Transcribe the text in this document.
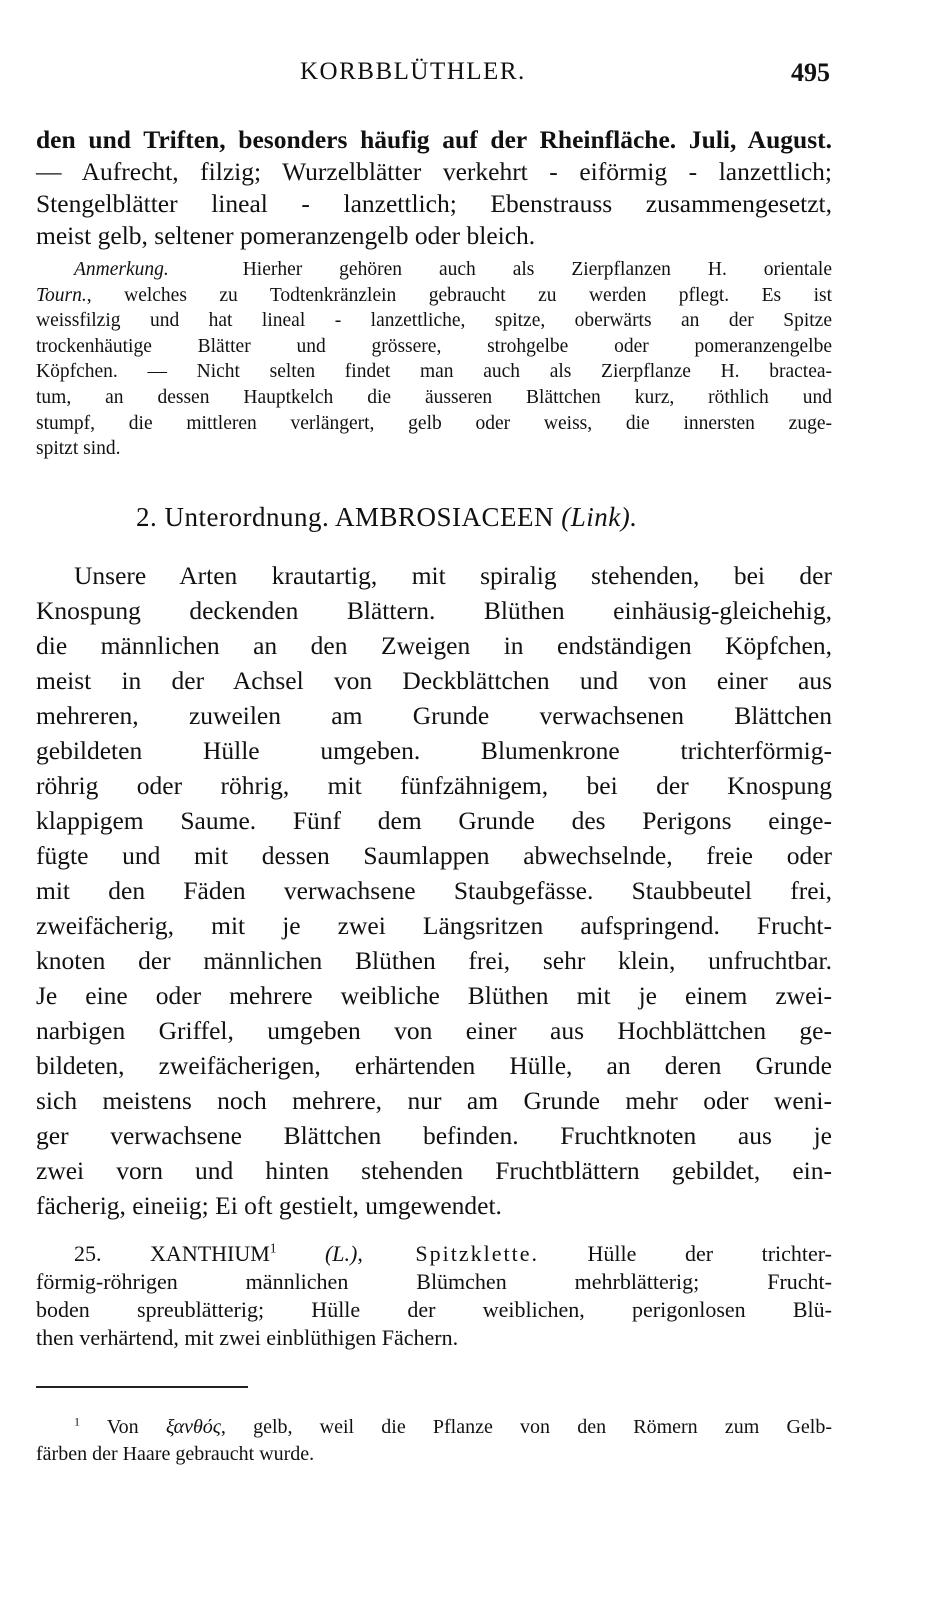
KORBBLÜTHLER.	495
den und Triften, besonders häufig auf der Rheinfläche. Juli, August.
— Aufrecht, filzig; Wurzelblätter verkehrt - eiförmig - lanzettlich;
Stengelblätter lineal - lanzettlich; Ebenstrauss zusammengesetzt,
meist gelb, seltener pomeranzengelb oder bleich.
Anmerkung.	Hierher gehören auch als Zierpflanzen H. orientale
Tourn., welches zu Todtenkränzlein gebraucht zu werden pflegt. Es ist
weissfilzig und hat lineal - lanzettliche, spitze, oberwärts an der Spitze
trockenhäutige Blätter und grössere, strohgelbe oder pomeranzengelbe
Köpfchen. — Nicht selten findet man auch als Zierpflanze H. bractea-
tum, an dessen Hauptkelch die äusseren Blättchen kurz, röthlich und
stumpf, die mittleren verlängert, gelb oder weiss, die innersten zuge-
spitzt sind.
2. Unterordnung. AMBROSIACEEN (Link).
Unsere Arten krautartig, mit spiralig stehenden, bei der
Knospung deckenden Blättern. Blüthen einhäusig-gleichehig,
die männlichen an den Zweigen in endständigen Köpfchen,
meist in der Achsel von Deckblättchen und von einer aus
mehreren, zuweilen am Grunde verwachsenen Blättchen
gebildeten Hülle umgeben. Blumenkrone trichterförmig-
röhrig oder röhrig, mit fünfzähnigem, bei der Knospung
klappigem Saume. Fünf dem Grunde des Perigons einge-
fügte und mit dessen Saumlappen abwechselnde, freie oder
mit den Fäden verwachsene Staubgefässe. Staubbeutel frei,
zweifächerig, mit je zwei Längsritzen aufspringend. Frucht-
knoten der männlichen Blüthen frei, sehr klein, unfruchtbar.
Je eine oder mehrere weibliche Blüthen mit je einem zwei-
narbigen Griffel, umgeben von einer aus Hochblättchen ge-
bildeten, zweifächerigen, erhärtenden Hülle, an deren Grunde
sich meistens noch mehrere, nur am Grunde mehr oder weni-
ger verwachsene Blättchen befinden. Fruchtknoten aus je
zwei vorn und hinten stehenden Fruchtblättern gebildet, ein-
fächerig, eineiig; Ei oft gestielt, umgewendet.
25. XANTHIUM$^1$ (L.), Spitzklette. Hülle der trichter-
förmig-röhrigen männlichen Blümchen mehrblätterig; Frucht-
boden spreublätterig; Hülle der weiblichen, perigonlosen Blü-
then verhärtend, mit zwei einblüthigen Fächern.
$^1$ Von ξανθός, gelb, weil die Pflanze von den Römern zum Gelb-
färben der Haare gebraucht wurde.
